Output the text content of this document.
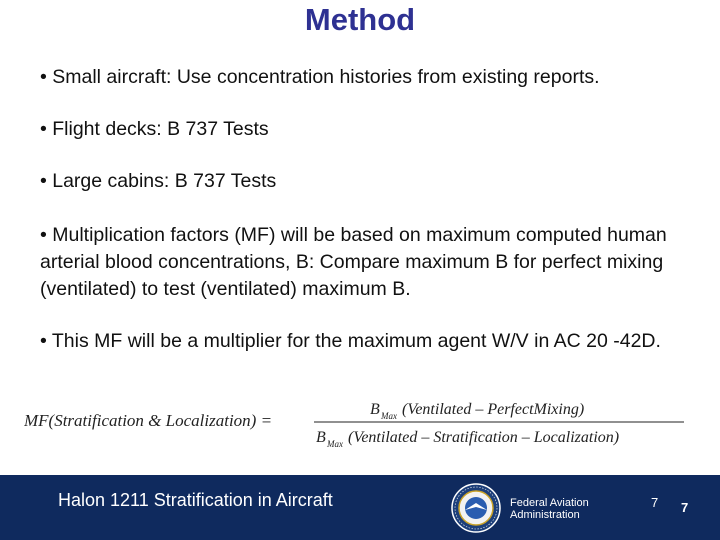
Method
• Small aircraft: Use concentration histories from existing reports.
• Flight decks: B 737 Tests
• Large cabins: B 737 Tests
• Multiplication factors (MF) will be based on maximum computed human arterial blood concentrations, B: Compare maximum B for perfect mixing (ventilated) to test (ventilated) maximum B.
• This MF will be a multiplier for the maximum agent W/V in AC 20 -42D.
MF(Stratification & Localization) =
B Max (Ventilated – PerfectMixing)
B Max (Ventilated – Stratification – Localization)
Halon 1211 Stratification in Aircraft	Federal Aviation
Administration
7 7
